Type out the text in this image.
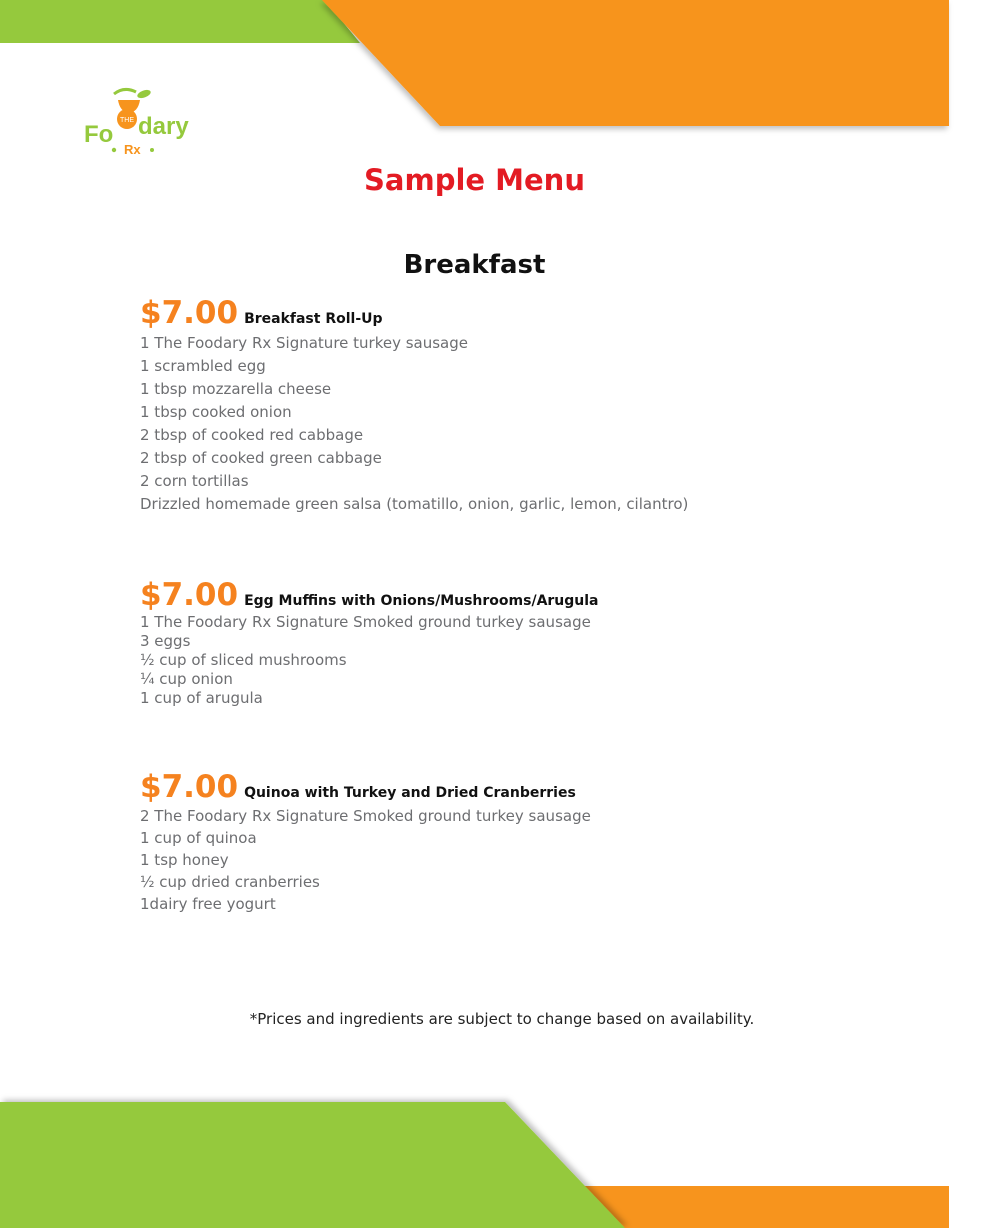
THE
Fo dary
Rx
Sample Menu
Breakfast
$7.00 Breakfast Roll-Up
1 The Foodary Rx Signature turkey sausage
1 scrambled egg
1 tbsp mozzarella cheese
1 tbsp cooked onion
2 tbsp of cooked red cabbage
2 tbsp of cooked green cabbage
2 corn tortillas
Drizzled homemade green salsa (tomatillo, onion, garlic, lemon, cilantro)
$7.00 Egg Muffins with Onions/Mushrooms/Arugula
1 The Foodary Rx Signature Smoked ground turkey sausage
3 eggs
½ cup of sliced mushrooms
¼ cup onion
1 cup of arugula
$7.00 Quinoa with Turkey and Dried Cranberries
2 The Foodary Rx Signature Smoked ground turkey sausage
1 cup of quinoa
1 tsp honey
½ cup dried cranberries
1dairy free yogurt

*Prices and ingredients are subject to change based on availability.
